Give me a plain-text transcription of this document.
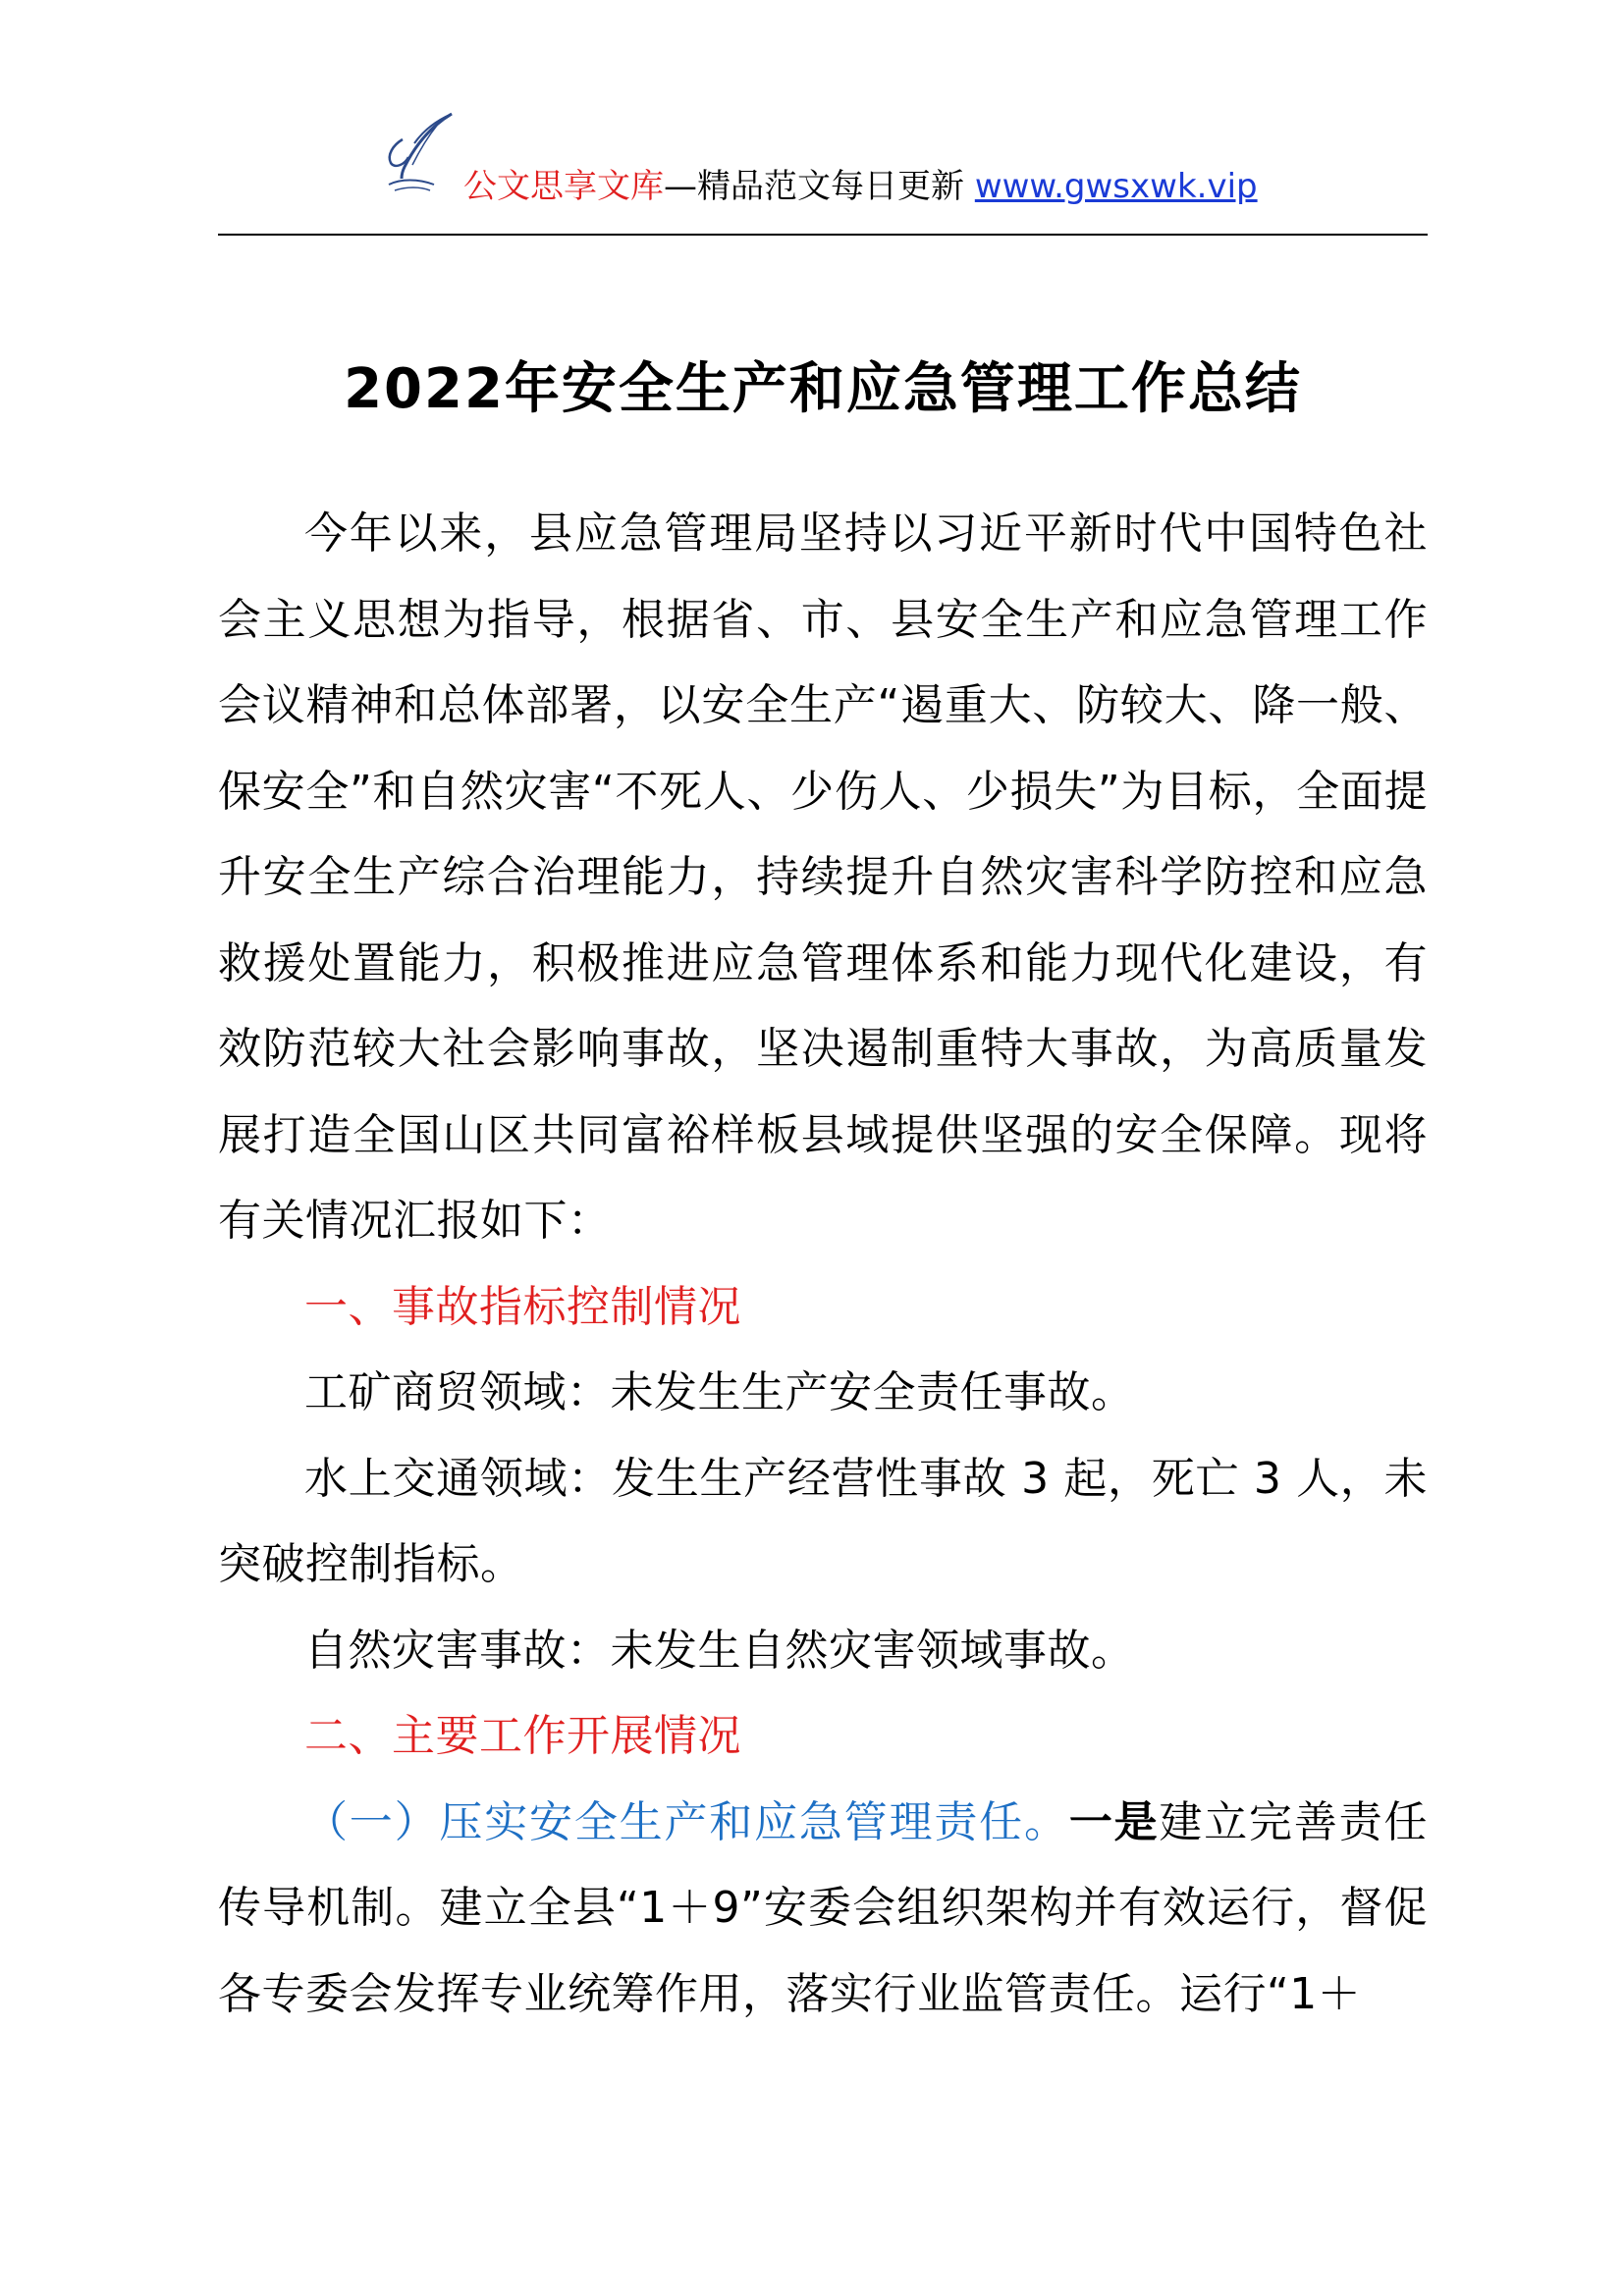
公文思享文库—精品范文每日更新 www.gwsxwk.vip
2022年安全生产和应急管理工作总结

今年以来，县应急管理局坚持以习近平新时代中国特色社会主义思想为指导，根据省、市、县安全生产和应急管理工作会议精神和总体部署，以安全生产“遏重大、防较大、降一般、保安全”和自然灾害“不死人、少伤人、少损失”为目标，全面提升安全生产综合治理能力，持续提升自然灾害科学防控和应急救援处置能力，积极推进应急管理体系和能力现代化建设，有效防范较大社会影响事故，坚决遏制重特大事故，为高质量发展打造全国山区共同富裕样板县域提供坚强的安全保障。现将有关情况汇报如下：

一、事故指标控制情况

工矿商贸领域：未发生生产安全责任事故。

水上交通领域：发生生产经营性事故 3 起，死亡 3 人，未突破控制指标。

自然灾害事故：未发生自然灾害领域事故。

二、主要工作开展情况

（一）压实安全生产和应急管理责任。一是建立完善责任传导机制。建立全县“1＋9”安委会组织架构并有效运行，督促各专委会发挥专业统筹作用，落实行业监管责任。运行“1＋
